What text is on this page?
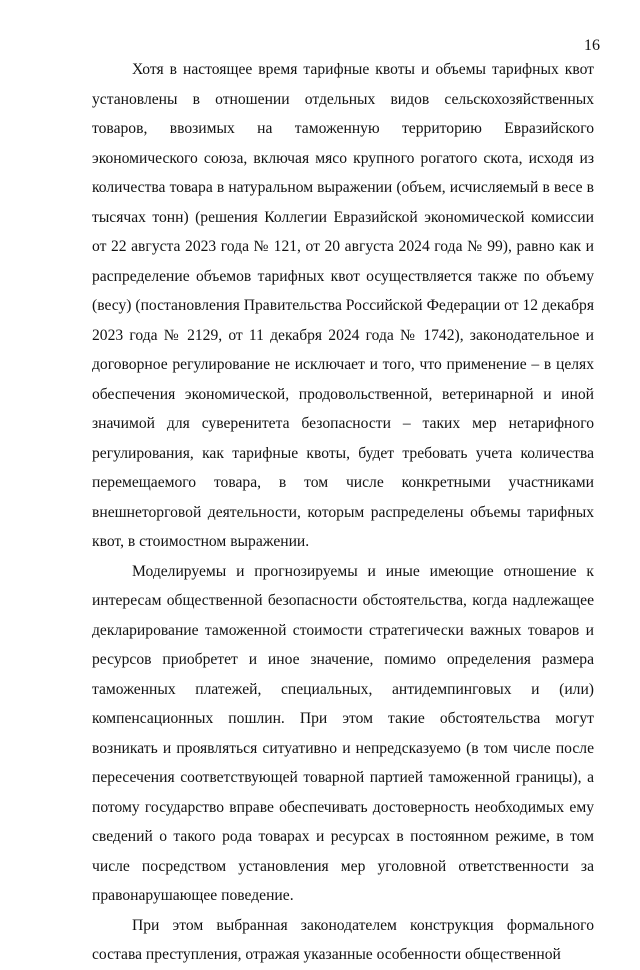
16

Хотя в настоящее время тарифные квоты и объемы тарифных квот установлены в отношении отдельных видов сельскохозяйственных товаров, ввозимых на таможенную территорию Евразийского экономического союза, включая мясо крупного рогатого скота, исходя из количества товара в натуральном выражении (объем, исчисляемый в весе в тысячах тонн) (решения Коллегии Евразийской экономической комиссии от 22 августа 2023 года № 121, от 20 августа 2024 года № 99), равно как и распределение объемов тарифных квот осуществляется также по объему (весу) (постановления Правительства Российской Федерации от 12 декабря 2023 года № 2129, от 11 декабря 2024 года № 1742), законодательное и договорное регулирование не исключает и того, что применение – в целях обеспечения экономической, продовольственной, ветеринарной и иной значимой для суверенитета безопасности – таких мер нетарифного регулирования, как тарифные квоты, будет требовать учета количества перемещаемого товара, в том числе конкретными участниками внешнеторговой деятельности, которым распределены объемы тарифных квот, в стоимостном выражении.

Моделируемы и прогнозируемы и иные имеющие отношение к интересам общественной безопасности обстоятельства, когда надлежащее декларирование таможенной стоимости стратегически важных товаров и ресурсов приобретет и иное значение, помимо определения размера таможенных платежей, специальных, антидемпинговых и (или) компенсационных пошлин. При этом такие обстоятельства могут возникать и проявляться ситуативно и непредсказуемо (в том числе после пересечения соответствующей товарной партией таможенной границы), а потому государство вправе обеспечивать достоверность необходимых ему сведений о такого рода товарах и ресурсах в постоянном режиме, в том числе посредством установления мер уголовной ответственности за правонарушающее поведение.

При этом выбранная законодателем конструкция формального состава преступления, отражая указанные особенности общественной
